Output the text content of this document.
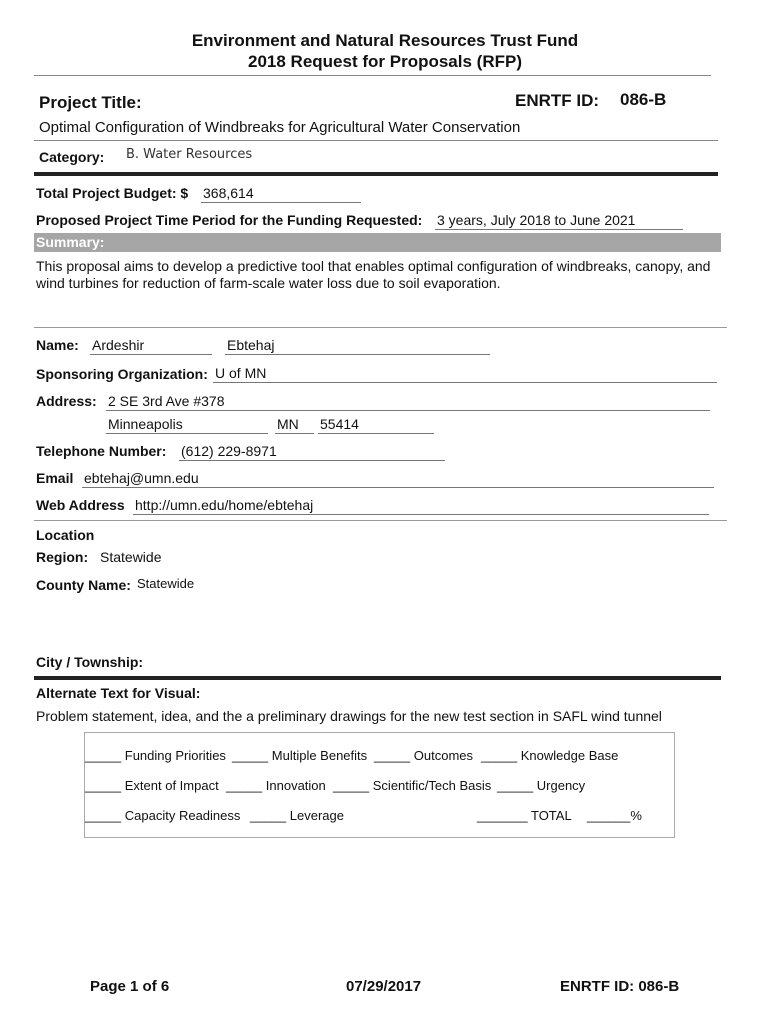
Environment and Natural Resources Trust Fund
2018 Request for Proposals (RFP)
Project Title:	ENRTF ID: 086-B
Optimal Configuration of Windbreaks for Agricultural Water Conservation
Category: B. Water Resources
Total Project Budget: $ 368,614
Proposed Project Time Period for the Funding Requested: 3 years, July 2018 to June 2021
Summary:
This proposal aims to develop a predictive tool that enables optimal configuration of windbreaks, canopy, and
wind turbines for reduction of farm-scale water loss due to soil evaporation.
Name: Ardeshir	Ebtehaj
Sponsoring Organization: U of MN
Address: 2 SE 3rd Ave #378
Minneapolis	MN	55414
Telephone Number: (612) 229-8971
Email ebtehaj@umn.edu
Web Address http://umn.edu/home/ebtehaj
Location
Region: Statewide
County Name: Statewide
City / Township:
Alternate Text for Visual:
Problem statement, idea, and the a preliminary drawings for the new test section in SAFL wind tunnel
_____ Funding Priorities _____ Multiple Benefits _____ Outcomes _____ Knowledge Base
_____ Extent of Impact _____ Innovation _____ Scientific/Tech Basis _____ Urgency
_____ Capacity Readiness _____ Leverage	_______ TOTAL ______%
Page 1 of 6	07/29/2017	ENRTF ID: 086-B
